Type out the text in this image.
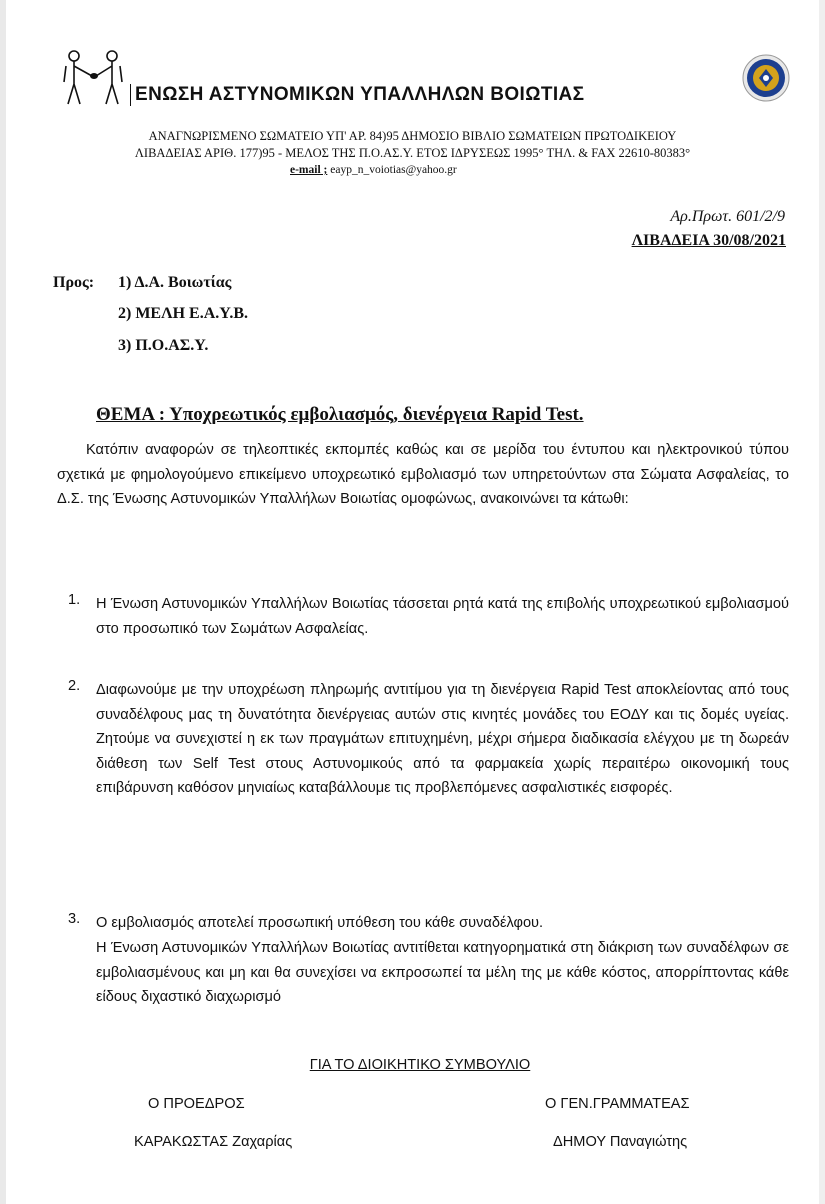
ΕΝΩΣΗ ΑΣΤΥΝΟΜΙΚΩΝ ΥΠΑΛΛΗΛΩΝ ΒΟΙΩΤΙΑΣ
ΑΝΑΓΝΩΡΙΣΜΕΝΟ ΣΩΜΑΤΕΙΟ ΥΠ' ΑΡ. 84)95 ΔΗΜΟΣΙΟ ΒΙΒΛΙΟ ΣΩΜΑΤΕΙΩΝ ΠΡΩΤΟΔΙΚΕΙΟΥ
ΛΙΒΑΔΕΙΑΣ ΑΡΙΘ. 177)95 - ΜΕΛΟΣ ΤΗΣ Π.Ο.ΑΣ.Υ. ΕΤΟΣ ΙΔΡΥΣΕΩΣ 1995° ΤΗΛ. & FAX 22610-80383°
e-mail ; eayp_n_voiotias@yahoo.gr
Αρ.Πρωτ. 601/2/9
ΛΙΒΑΔΕΙΑ 30/08/2021
Προς: 1) Δ.Α. Βοιωτίας
2) ΜΕΛΗ Ε.Α.Υ.Β.
3) Π.Ο.ΑΣ.Υ.
ΘΕΜΑ : Υποχρεωτικός εμβολιασμός, διενέργεια Rapid Test.
Κατόπιν αναφορών σε τηλεοπτικές εκπομπές καθώς και σε μερίδα του έντυπου και ηλεκτρονικού τύπου σχετικά με φημολογούμενο επικείμενο υποχρεωτικό εμβολιασμό των υπηρετούντων στα Σώματα Ασφαλείας, το Δ.Σ. της Ένωσης Αστυνομικών Υπαλλήλων Βοιωτίας ομοφώνως, ανακοινώνει τα κάτωθι:
1. Η Ένωση Αστυνομικών Υπαλλήλων Βοιωτίας τάσσεται ρητά κατά της επιβολής υποχρεωτικού εμβολιασμού στο προσωπικό των Σωμάτων Ασφαλείας.
2. Διαφωνούμε με την υποχρέωση πληρωμής αντιτίμου για τη διενέργεια Rapid Test αποκλείοντας από τους συναδέλφους μας τη δυνατότητα διενέργειας αυτών στις κινητές μονάδες του ΕΟΔΥ και τις δομές υγείας. Ζητούμε να συνεχιστεί η εκ των πραγμάτων επιτυχημένη, μέχρι σήμερα διαδικασία ελέγχου με τη δωρεάν διάθεση των Self Test στους Αστυνομικούς από τα φαρμακεία χωρίς περαιτέρω οικονομική τους επιβάρυνση καθόσον μηνιαίως καταβάλλουμε τις προβλεπόμενες ασφαλιστικές εισφορές.
3. Ο εμβολιασμός αποτελεί προσωπική υπόθεση του κάθε συναδέλφου.
Η Ένωση Αστυνομικών Υπαλλήλων Βοιωτίας αντιτίθεται κατηγορηματικά στη διάκριση των συναδέλφων σε εμβολιασμένους και μη και θα συνεχίσει να εκπροσωπεί τα μέλη της με κάθε κόστος, απορρίπτοντας κάθε είδους διχαστικό διαχωρισμό
ΓΙΑ ΤΟ ΔΙΟΙΚΗΤΙΚΟ ΣΥΜΒΟΥΛΙΟ
Ο ΠΡΟΕΔΡΟΣ	Ο ΓΕΝ.ΓΡΑΜΜΑΤΕΑΣ
ΚΑΡΑΚΩΣΤΑΣ Ζαχαρίας	ΔΗΜΟΥ Παναγιώτης
